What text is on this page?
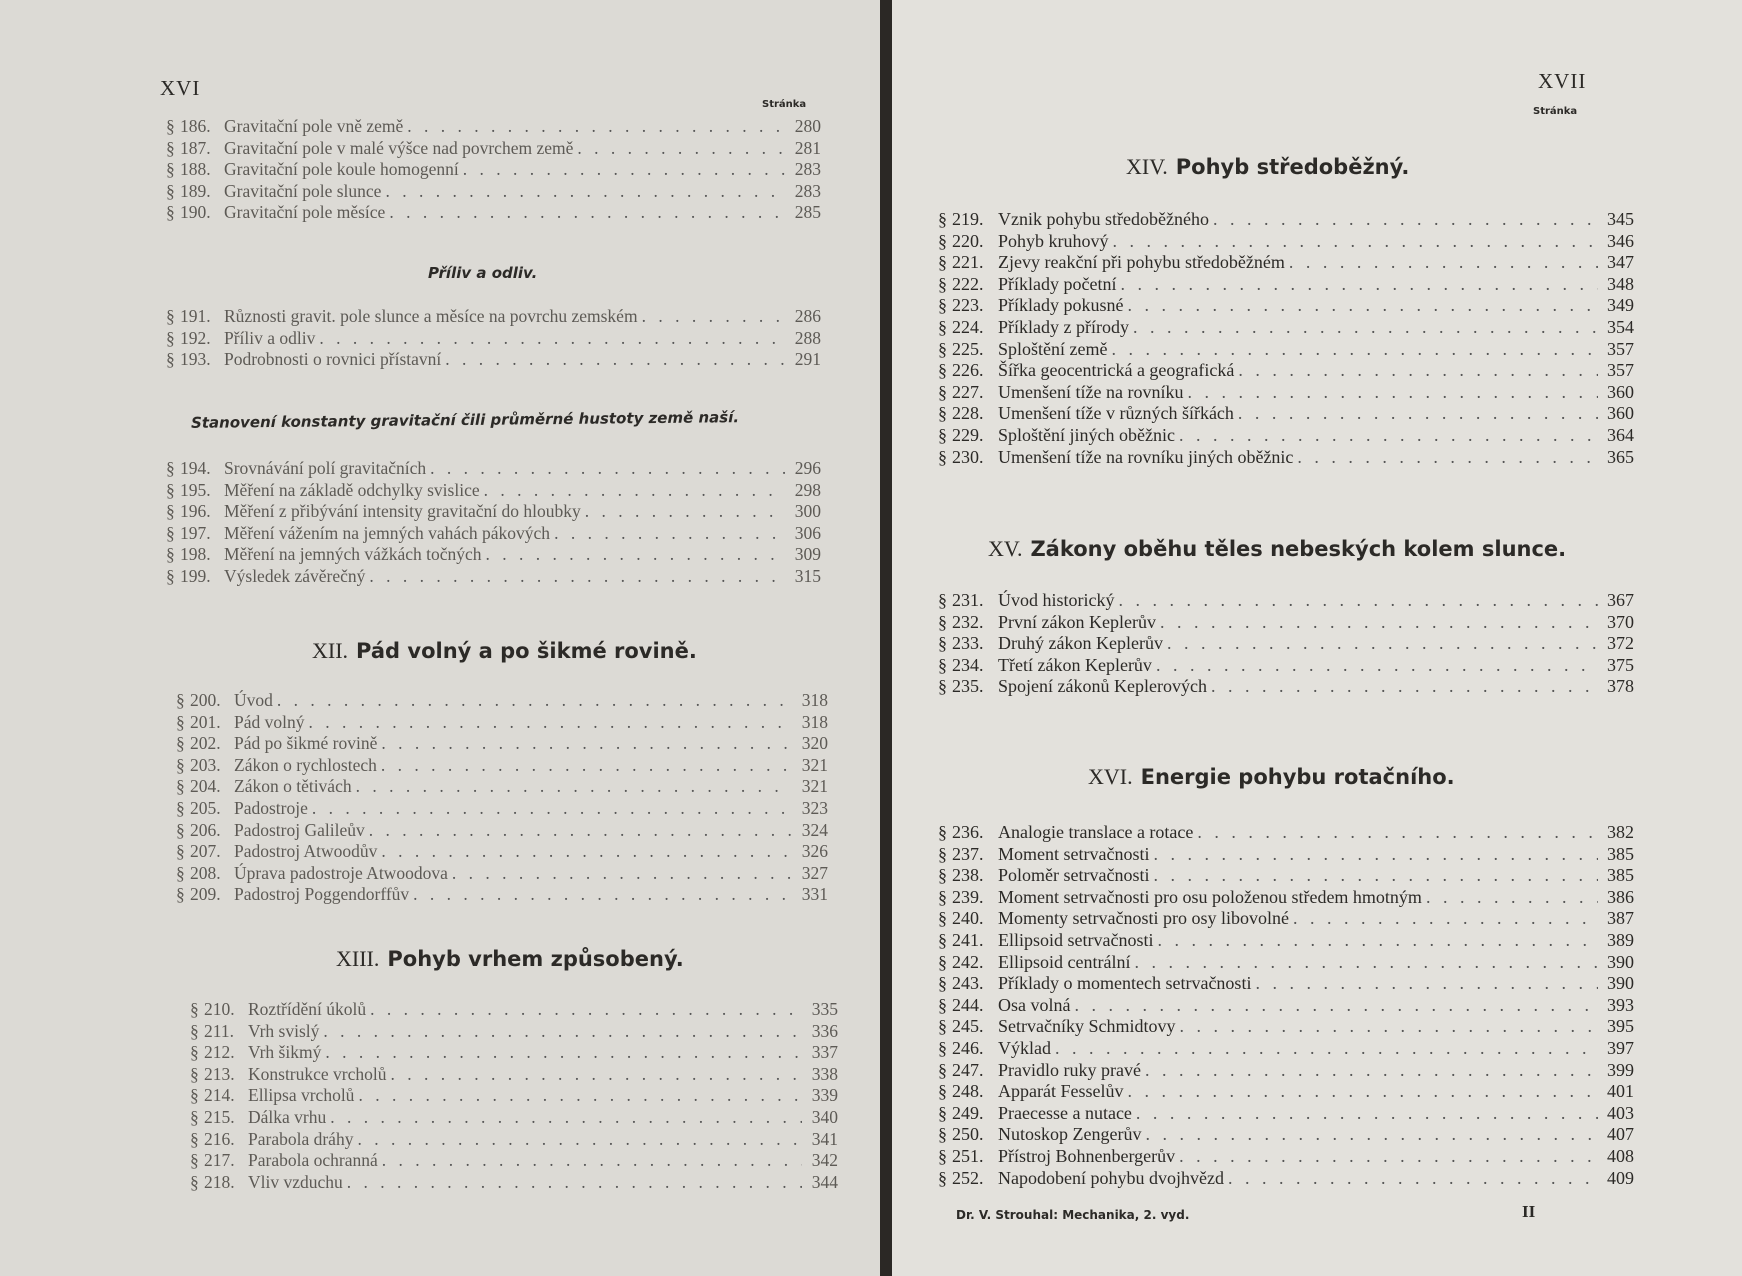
XVI
Stránka
§ 186. Gravitační pole vně země . . .	280
§ 187. Gravitační pole v malé výšce nad povrchem země . . .	281
§ 188. Gravitační pole koule homogenní . . .	283
§ 189. Gravitační pole slunce . . .	283
§ 190. Gravitační pole měsíce . . .	285
Příliv a odliv.
§ 191. Různosti gravit. pole slunce a měsíce na povrchu zemském . . .	286
§ 192. Příliv a odliv . . .	288
§ 193. Podrobnosti o rovnici přístavní . . .	291
Stanovení konstanty gravitační čili průměrné hustoty země naší.
§ 194. Srovnávání polí gravitačních . . .	296
§ 195. Měření na základě odchylky svislice . . .	298
§ 196. Měření z přibývání intensity gravitační do hloubky . . .	300
§ 197. Měření vážením na jemných vahách pákových . . .	306
§ 198. Měření na jemných vážkách točných . . .	309
§ 199. Výsledek závěrečný . . .	315
XII. Pád volný a po šikmé rovině.
§ 200. Úvod . . .	318
§ 201. Pád volný . . .	318
§ 202. Pád po šikmé rovině . . .	320
§ 203. Zákon o rychlostech . . .	321
§ 204. Zákon o tětivách . . .	321
§ 205. Padostroje . . .	323
§ 206. Padostroj Galileův . . .	324
§ 207. Padostroj Atwoodův . . .	326
§ 208. Úprava padostroje Atwoodova . . .	327
§ 209. Padostroj Poggendorffův . . .	331
XIII. Pohyb vrhem způsobený.
§ 210. Roztřídění úkolů . . .	335
§ 211. Vrh svislý . . .	336
§ 212. Vrh šikmý . . .	337
§ 213. Konstrukce vrcholů . . .	338
§ 214. Ellipsa vrcholů . . .	339
§ 215. Dálka vrhu . . .	340
§ 216. Parabola dráhy . . .	341
§ 217. Parabola ochranná . . .	342
§ 218. Vliv vzduchu . . .	344
XVII
Stránka
XIV. Pohyb středoběžný.
§ 219. Vznik pohybu středoběžného . . .	345
§ 220. Pohyb kruhový . . .	346
§ 221. Zjevy reakční při pohybu středoběžném . . .	347
§ 222. Příklady početní . . .	348
§ 223. Příklady pokusné . . .	349
§ 224. Příklady z přírody . . .	354
§ 225. Sploštění země . . .	357
§ 226. Šířka geocentrická a geografická . . .	357
§ 227. Umenšení tíže na rovníku . . .	360
§ 228. Umenšení tíže v různých šířkách . . .	360
§ 229. Sploštění jiných oběžnic . . .	364
§ 230. Umenšení tíže na rovníku jiných oběžnic . . .	365
XV. Zákony oběhu těles nebeských kolem slunce.
§ 231. Úvod historický . . .	367
§ 232. První zákon Keplerův . . .	370
§ 233. Druhý zákon Keplerův . . .	372
§ 234. Třetí zákon Keplerův . . .	375
§ 235. Spojení zákonů Keplerových . . .	378
XVI. Energie pohybu rotačního.
§ 236. Analogie translace a rotace . . .	382
§ 237. Moment setrvačnosti . . .	385
§ 238. Poloměr setrvačnosti . . .	385
§ 239. Moment setrvačnosti pro osu položenou středem hmotným . . .	386
§ 240. Momenty setrvačnosti pro osy libovolné . . .	387
§ 241. Ellipsoid setrvačnosti . . .	389
§ 242. Ellipsoid centrální . . .	390
§ 243. Příklady o momentech setrvačnosti . . .	390
§ 244. Osa volná . . .	393
§ 245. Setrvačníky Schmidtovy . . .	395
§ 246. Výklad . . .	397
§ 247. Pravidlo ruky pravé . . .	399
§ 248. Apparát Fesselův . . .	401
§ 249. Praecesse a nutace . . .	403
§ 250. Nutoskop Zengerův . . .	407
§ 251. Přístroj Bohnenbergerův . . .	408
§ 252. Napodobení pohybu dvojhvězd . . .	409
Dr. V. Strouhal: Mechanika, 2. vyd.	II
